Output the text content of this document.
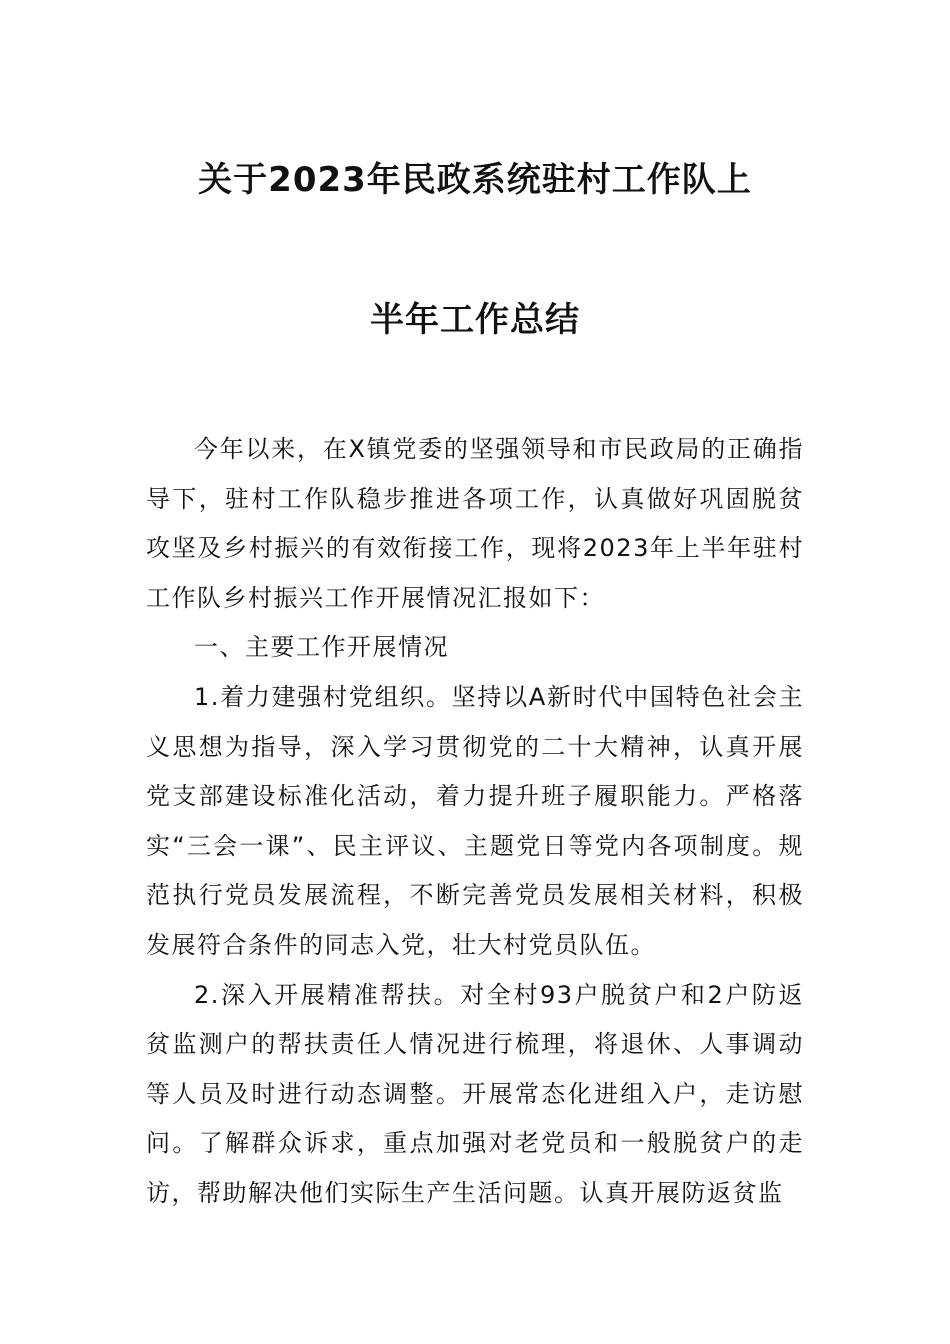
关于2023年民政系统驻村工作队上
半年工作总结

今年以来，在X镇党委的坚强领导和市民政局的正确指导下，驻村工作队稳步推进各项工作，认真做好巩固脱贫攻坚及乡村振兴的有效衔接工作，现将2023年上半年驻村工作队乡村振兴工作开展情况汇报如下：

一、主要工作开展情况

1.着力建强村党组织。坚持以A新时代中国特色社会主义思想为指导，深入学习贯彻党的二十大精神，认真开展党支部建设标准化活动，着力提升班子履职能力。严格落实“三会一课”、民主评议、主题党日等党内各项制度。规范执行党员发展流程，不断完善党员发展相关材料，积极发展符合条件的同志入党，壮大村党员队伍。

2.深入开展精准帮扶。对全村93户脱贫户和2户防返贫监测户的帮扶责任人情况进行梳理，将退休、人事调动等人员及时进行动态调整。开展常态化进组入户，走访慰问。了解群众诉求，重点加强对老党员和一般脱贫户的走访，帮助解决他们实际生产生活问题。认真开展防返贫监
